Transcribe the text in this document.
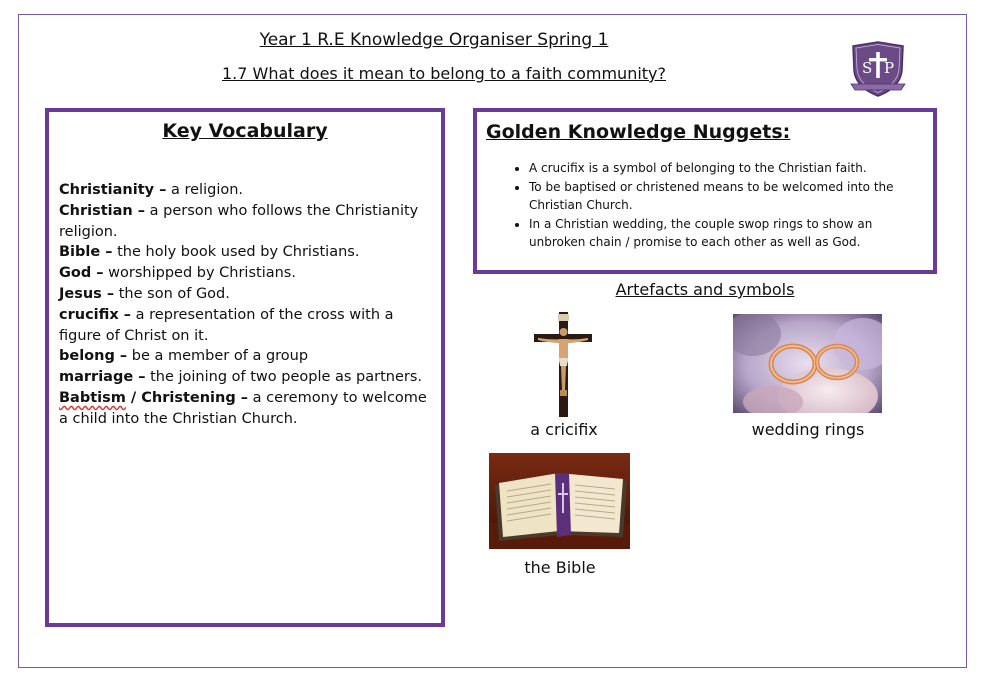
Year 1 R.E Knowledge Organiser Spring 1
1.7 What does it mean to belong to a faith community?	S P
Key Vocabulary
Christianity – a religion.
Christian – a person who follows the Christianity religion.
Bible – the holy book used by Christians.
God – worshipped by Christians.
Jesus – the son of God.
crucifix – a representation of the cross with a figure of Christ on it.
belong – be a member of a group
marriage – the joining of two people as partners.
Babtism / Christening – a ceremony to welcome a child into the Christian Church.
Golden Knowledge Nuggets:
• A crucifix is a symbol of belonging to the Christian faith.
• To be baptised or christened means to be welcomed into the Christian Church.
• In a Christian wedding, the couple swop rings to show an unbroken chain / promise to each other as well as God.
Artefacts and symbols
a cricifix	wedding rings
the Bible
